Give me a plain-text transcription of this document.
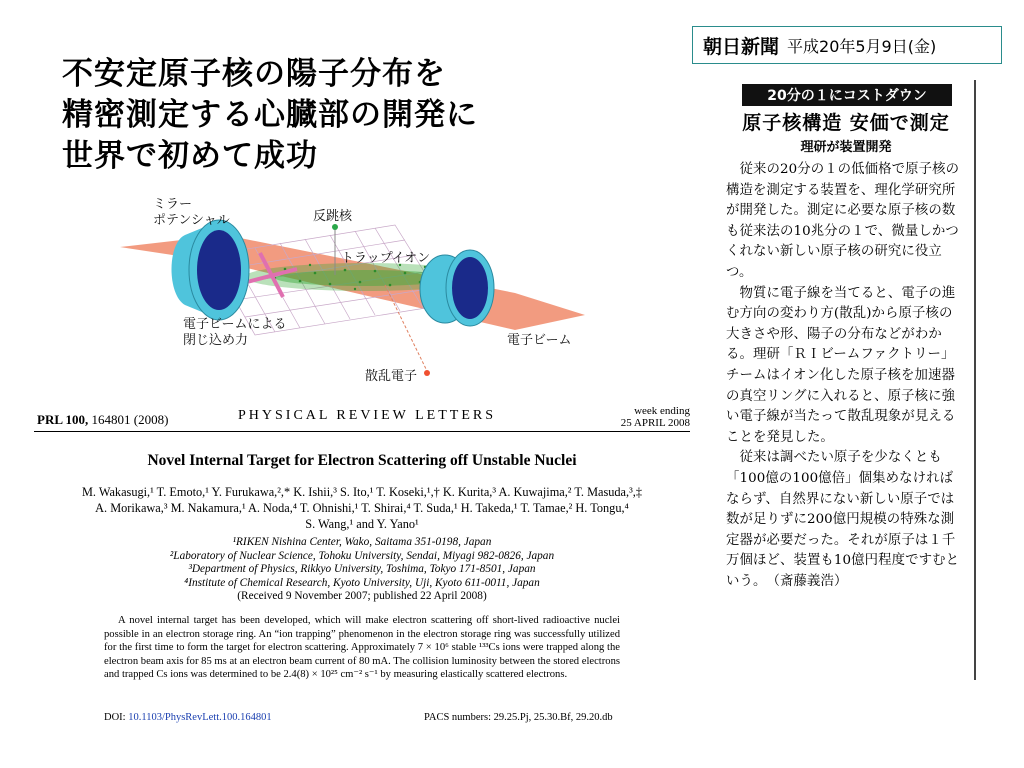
不安定原子核の陽子分布を
精密測定する心臓部の開発に
世界で初めて成功
朝日新聞 平成20年5月9日(金)
ミラー
ポテンシャル	反跳核
トラップイオン
電子ビームによる
閉じ込め力	電子ビーム
散乱電子
PRL 100, 164801 (2008)	PHYSICAL REVIEW LETTERS	week ending
25 APRIL 2008
Novel Internal Target for Electron Scattering off Unstable Nuclei
M. Wakasugi,¹ T. Emoto,¹ Y. Furukawa,²,* K. Ishii,³ S. Ito,¹ T. Koseki,¹,† K. Kurita,³ A. Kuwajima,² T. Masuda,³,‡
A. Morikawa,³ M. Nakamura,¹ A. Noda,⁴ T. Ohnishi,¹ T. Shirai,⁴ T. Suda,¹ H. Takeda,¹ T. Tamae,² H. Tongu,⁴
S. Wang,¹ and Y. Yano¹
¹RIKEN Nishina Center, Wako, Saitama 351-0198, Japan
²Laboratory of Nuclear Science, Tohoku University, Sendai, Miyagi 982-0826, Japan
³Department of Physics, Rikkyo University, Toshima, Tokyo 171-8501, Japan
⁴Institute of Chemical Research, Kyoto University, Uji, Kyoto 611-0011, Japan
(Received 9 November 2007; published 22 April 2008)
A novel internal target has been developed, which will make electron scattering off short-lived radioactive nuclei possible in an electron storage ring. An “ion trapping” phenomenon in the electron storage ring was successfully utilized for the first time to form the target for electron scattering. Approximately 7 × 10⁶ stable ¹³³Cs ions were trapped along the electron beam axis for 85 ms at an electron beam current of 80 mA. The collision luminosity between the stored electrons and trapped Cs ions was determined to be 2.4(8) × 10²⁵ cm⁻² s⁻¹ by measuring elastically scattered electrons.
DOI: 10.1103/PhysRevLett.100.164801	PACS numbers: 29.25.Pj, 25.30.Bf, 29.20.db
20分の１にコストダウン
原子核構造 安価で測定
理研が装置開発

　従来の20分の１の低価格で原子核の構造を測定する装置を、理化学研究所が開発した。測定に必要な原子核の数も従来法の10兆分の１で、微量しかつくれない新しい原子核の研究に役立つ。

　物質に電子線を当てると、電子の進む方向の変わり方(散乱)から原子核の大きさや形、陽子の分布などがわかる。理研「ＲＩビームファクトリー」チームはイオン化した原子核を加速器の真空リングに入れると、原子核に強い電子線が当たって散乱現象が見えることを発見した。

　従来は調べたい原子を少なくとも「100億の100億倍」個集めなければならず、自然界にない新しい原子では数が足りずに200億円規模の特殊な測定器が必要だった。それが原子は１千万個ほど、装置も10億円程度ですむという。　（斎藤義浩）
